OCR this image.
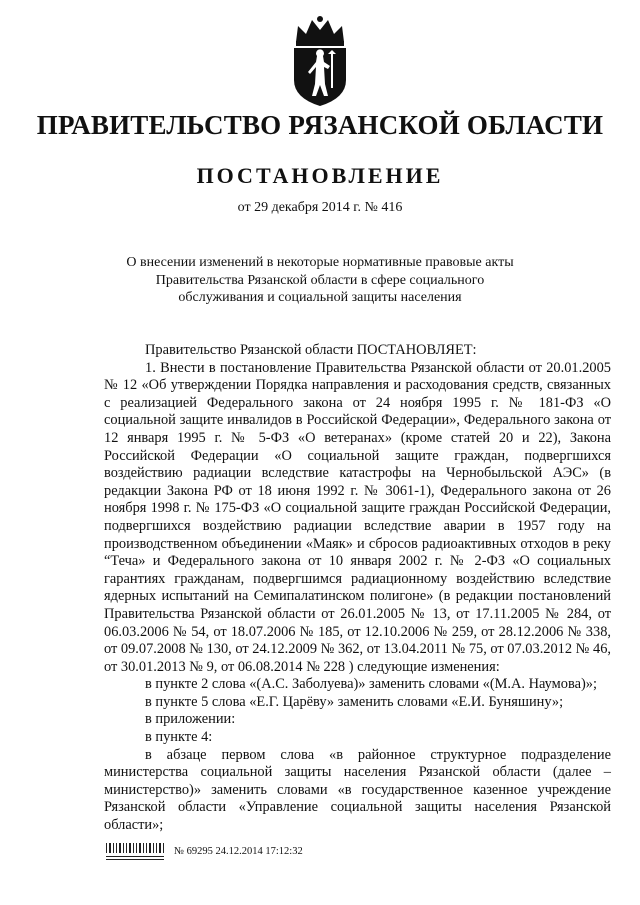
ПРАВИТЕЛЬСТВО РЯЗАНСКОЙ ОБЛАСТИ
ПОСТАНОВЛЕНИЕ
от 29 декабря 2014 г. № 416
О внесении изменений в некоторые нормативные правовые акты
Правительства Рязанской области в сфере социального
обслуживания и социальной защиты населения

Правительство Рязанской области ПОСТАНОВЛЯЕТ:

1. Внести в постановление Правительства Рязанской области от 20.01.2005 № 12 «Об утверждении Порядка направления и расходования средств, связанных с реализацией Федерального закона от 24 ноября 1995 г. № 181-ФЗ «О социальной защите инвалидов в Российской Федерации», Федерального закона от 12 января 1995 г. № 5-ФЗ «О ветеранах» (кроме статей 20 и 22), Закона Российской Федерации «О социальной защите граждан, подвергшихся воздействию радиации вследствие катастрофы на Чернобыльской АЭС» (в редакции Закона РФ от 18 июня 1992 г. № 3061-1), Федерального закона от 26 ноября 1998 г. № 175-ФЗ «О социальной защите граждан Российской Федерации, подвергшихся воздействию радиации вследствие аварии в 1957 году на производственном объединении «Маяк» и сбросов радиоактивных отходов в реку “Теча» и Федерального закона от 10 января 2002 г. № 2-ФЗ «О социальных гарантиях гражданам, подвергшимся радиационному воздействию вследствие ядерных испытаний на Семипалатинском полигоне» (в редакции постановлений Правительства Рязанской области от 26.01.2005 № 13, от 17.11.2005 № 284, от 06.03.2006 № 54, от 18.07.2006 № 185, от 12.10.2006 № 259, от 28.12.2006 № 338, от 09.07.2008 № 130, от 24.12.2009 № 362, от 13.04.2011 № 75, от 07.03.2012 № 46, от 30.01.2013 № 9, от 06.08.2014 № 228 ) следующие изменения:

в пункте 2 слова «(А.С. Заболуева)» заменить словами «(М.А. Наумова)»;

в пункте 5 слова «Е.Г. Царёву» заменить словами «Е.И. Буняшину»;

в приложении:

в пункте 4:

в абзаце первом слова «в районное структурное подразделение министерства социальной защиты населения Рязанской области (далее – министерство)» заменить словами «в государственное казенное учреждение Рязанской области «Управление социальной защиты населения Рязанской области»;

№ 69295 24.12.2014 17:12:32
